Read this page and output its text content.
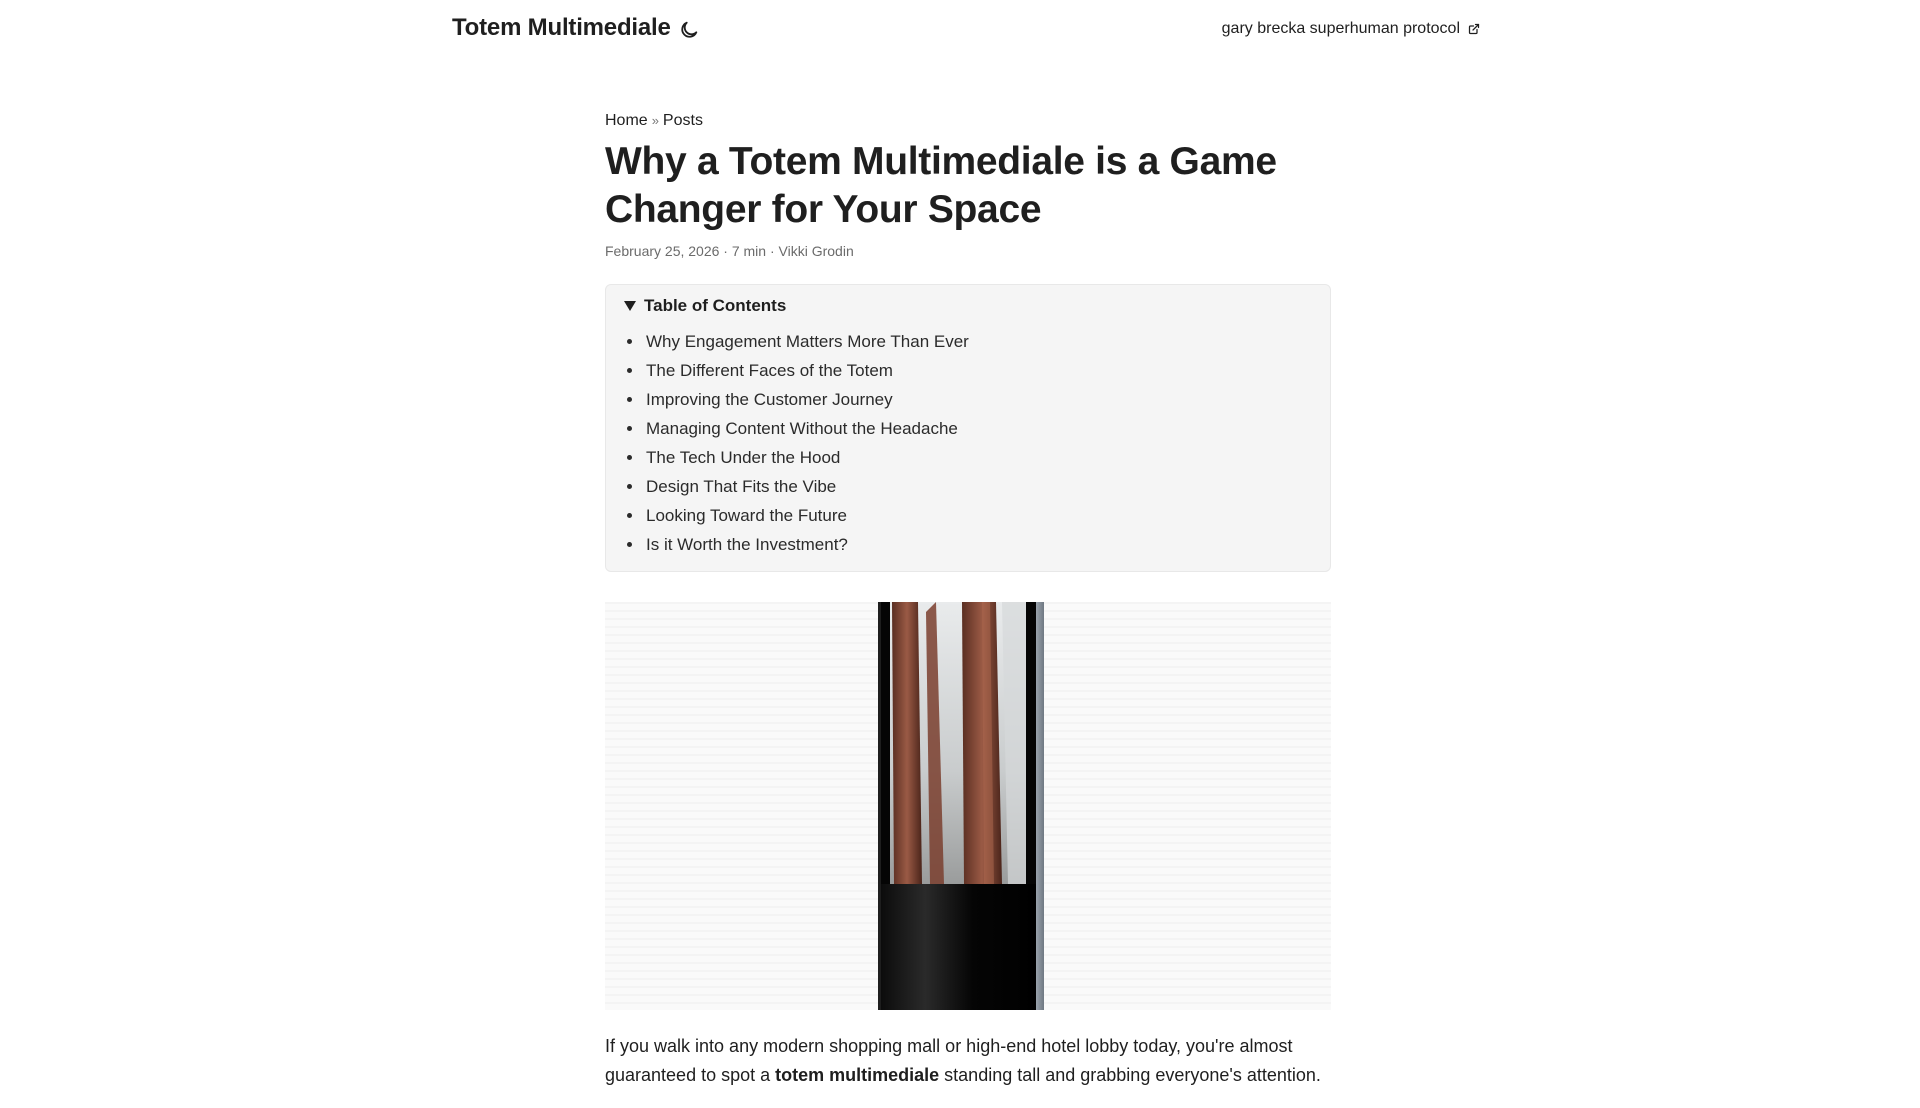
Totem Multimediale	gary brecka superhuman protocol
Home » Posts
Why a Totem Multimediale is a Game Changer for Your Space
February 25, 2026 · 7 min · Vikki Grodin
Table of Contents
• Why Engagement Matters More Than Ever
• The Different Faces of the Totem
• Improving the Customer Journey
• Managing Content Without the Headache
• The Tech Under the Hood
• Design That Fits the Vibe
• Looking Toward the Future
• Is it Worth the Investment?

If you walk into any modern shopping mall or high-end hotel lobby today, you're almost guaranteed to spot a totem multimediale standing tall and grabbing everyone's attention.
